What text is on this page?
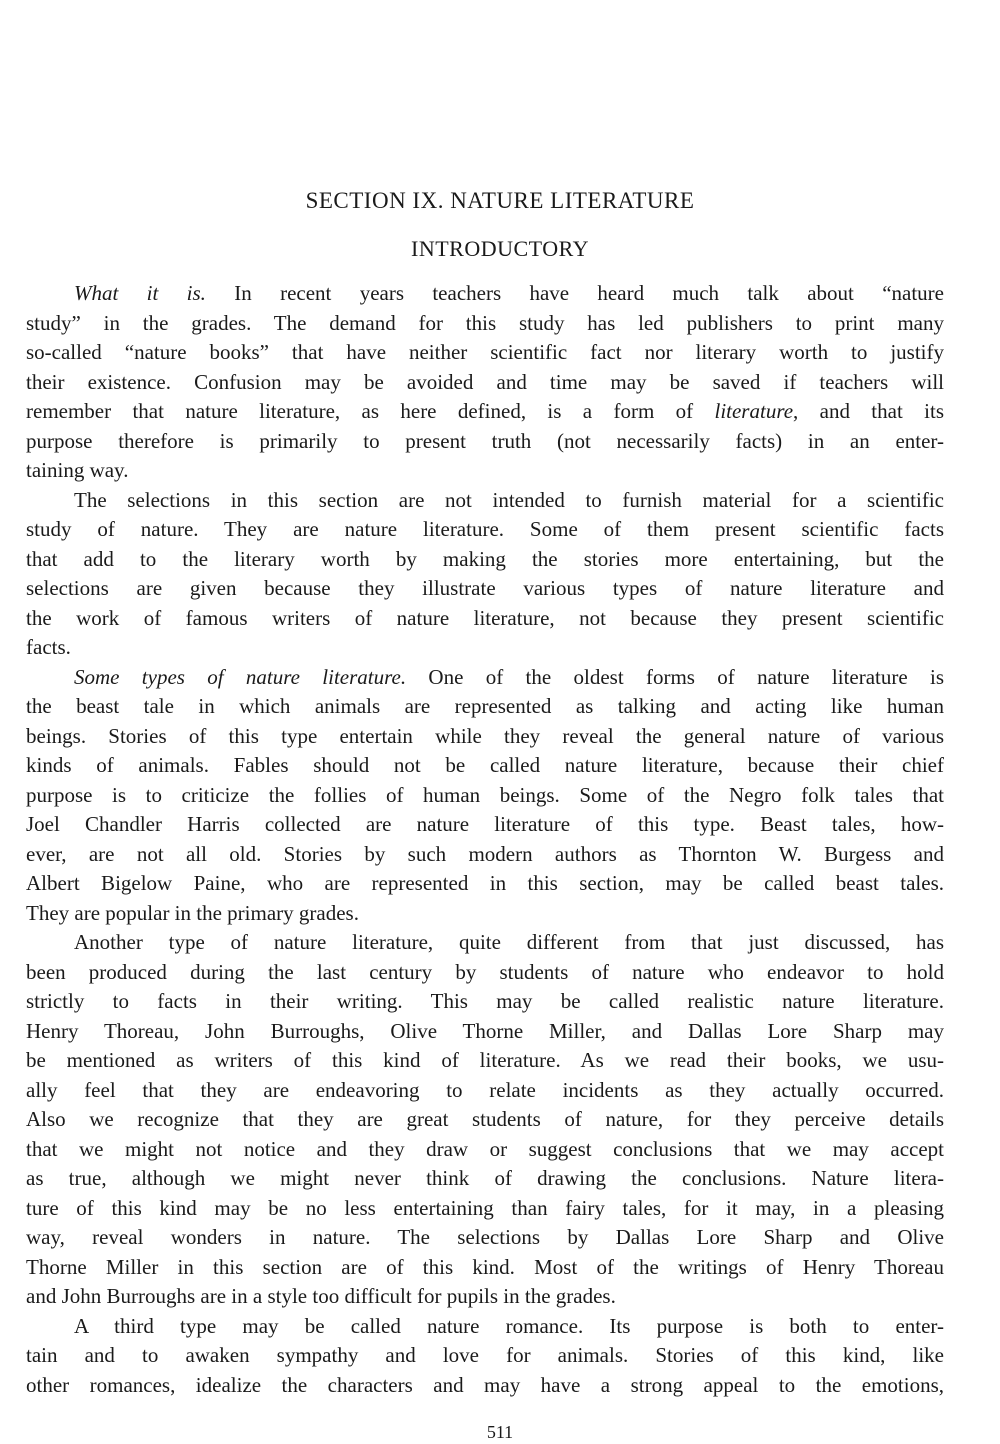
SECTION IX. NATURE LITERATURE
INTRODUCTORY
What it is. In recent years teachers have heard much talk about “nature
study” in the grades. The demand for this study has led publishers to print many
so-called “nature books” that have neither scientific fact nor literary worth to justify
their existence. Confusion may be avoided and time may be saved if teachers will
remember that nature literature, as here defined, is a form of literature, and that its
purpose therefore is primarily to present truth (not necessarily facts) in an enter-
taining way.
The selections in this section are not intended to furnish material for a scientific
study of nature. They are nature literature. Some of them present scientific facts
that add to the literary worth by making the stories more entertaining, but the
selections are given because they illustrate various types of nature literature and
the work of famous writers of nature literature, not because they present scientific
facts.
Some types of nature literature. One of the oldest forms of nature literature is
the beast tale in which animals are represented as talking and acting like human
beings. Stories of this type entertain while they reveal the general nature of various
kinds of animals. Fables should not be called nature literature, because their chief
purpose is to criticize the follies of human beings. Some of the Negro folk tales that
Joel Chandler Harris collected are nature literature of this type. Beast tales, how-
ever, are not all old. Stories by such modern authors as Thornton W. Burgess and
Albert Bigelow Paine, who are represented in this section, may be called beast tales.
They are popular in the primary grades.
Another type of nature literature, quite different from that just discussed, has
been produced during the last century by students of nature who endeavor to hold
strictly to facts in their writing. This may be called realistic nature literature.
Henry Thoreau, John Burroughs, Olive Thorne Miller, and Dallas Lore Sharp may
be mentioned as writers of this kind of literature. As we read their books, we usu-
ally feel that they are endeavoring to relate incidents as they actually occurred.
Also we recognize that they are great students of nature, for they perceive details
that we might not notice and they draw or suggest conclusions that we may accept
as true, although we might never think of drawing the conclusions. Nature litera-
ture of this kind may be no less entertaining than fairy tales, for it may, in a pleasing
way, reveal wonders in nature. The selections by Dallas Lore Sharp and Olive
Thorne Miller in this section are of this kind. Most of the writings of Henry Thoreau
and John Burroughs are in a style too difficult for pupils in the grades.
A third type may be called nature romance. Its purpose is both to enter-
tain and to awaken sympathy and love for animals. Stories of this kind, like
other romances, idealize the characters and may have a strong appeal to the emotions,
511
